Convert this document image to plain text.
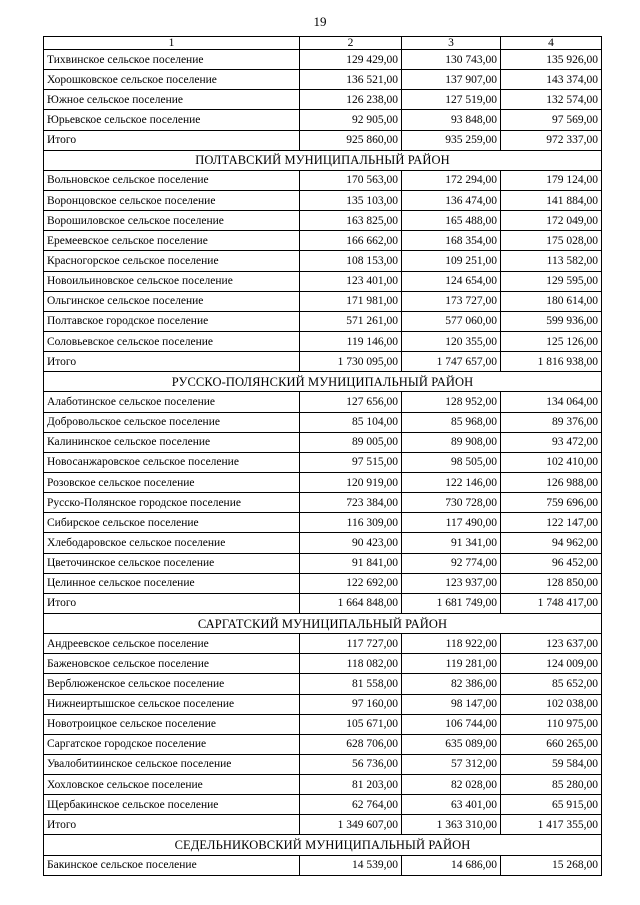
19
1	2	3	4
Тихвинское сельское поселение	129 429,00	130 743,00	135 926,00
Хорошковское сельское поселение	136 521,00	137 907,00	143 374,00
Южное сельское поселение	126 238,00	127 519,00	132 574,00
Юрьевское сельское поселение	92 905,00	93 848,00	97 569,00
Итого	925 860,00	935 259,00	972 337,00
ПОЛТАВСКИЙ МУНИЦИПАЛЬНЫЙ РАЙОН			
Вольновское сельское поселение	170 563,00	172 294,00	179 124,00
Воронцовское сельское поселение	135 103,00	136 474,00	141 884,00
Ворошиловское сельское поселение	163 825,00	165 488,00	172 049,00
Еремеевское сельское поселение	166 662,00	168 354,00	175 028,00
Красногорское сельское поселение	108 153,00	109 251,00	113 582,00
Новоильиновское сельское поселение	123 401,00	124 654,00	129 595,00
Ольгинское сельское поселение	171 981,00	173 727,00	180 614,00
Полтавское городское поселение	571 261,00	577 060,00	599 936,00
Соловьевское сельское поселение	119 146,00	120 355,00	125 126,00
Итого	1 730 095,00	1 747 657,00	1 816 938,00
РУССКО-ПОЛЯНСКИЙ МУНИЦИПАЛЬНЫЙ РАЙОН			
Алаботинское сельское поселение	127 656,00	128 952,00	134 064,00
Добровольское сельское поселение	85 104,00	85 968,00	89 376,00
Калининское сельское поселение	89 005,00	89 908,00	93 472,00
Новосанжаровское сельское поселение	97 515,00	98 505,00	102 410,00
Розовское сельское поселение	120 919,00	122 146,00	126 988,00
Русско-Полянское городское поселение	723 384,00	730 728,00	759 696,00
Сибирское сельское поселение	116 309,00	117 490,00	122 147,00
Хлебодаровское сельское поселение	90 423,00	91 341,00	94 962,00
Цветочинское сельское поселение	91 841,00	92 774,00	96 452,00
Целинное сельское поселение	122 692,00	123 937,00	128 850,00
Итого	1 664 848,00	1 681 749,00	1 748 417,00
САРГАТСКИЙ МУНИЦИПАЛЬНЫЙ РАЙОН			
Андреевское сельское поселение	117 727,00	118 922,00	123 637,00
Баженовское сельское поселение	118 082,00	119 281,00	124 009,00
Верблюженское сельское поселение	81 558,00	82 386,00	85 652,00
Нижнеиртышское сельское поселение	97 160,00	98 147,00	102 038,00
Новотроицкое сельское поселение	105 671,00	106 744,00	110 975,00
Саргатское городское поселение	628 706,00	635 089,00	660 265,00
Увалобитиинское сельское поселение	56 736,00	57 312,00	59 584,00
Хохловское сельское поселение	81 203,00	82 028,00	85 280,00
Щербакинское сельское поселение	62 764,00	63 401,00	65 915,00
Итого	1 349 607,00	1 363 310,00	1 417 355,00
СЕДЕЛЬНИКОВСКИЙ МУНИЦИПАЛЬНЫЙ РАЙОН			
Бакинское сельское поселение	14 539,00	14 686,00	15 268,00
